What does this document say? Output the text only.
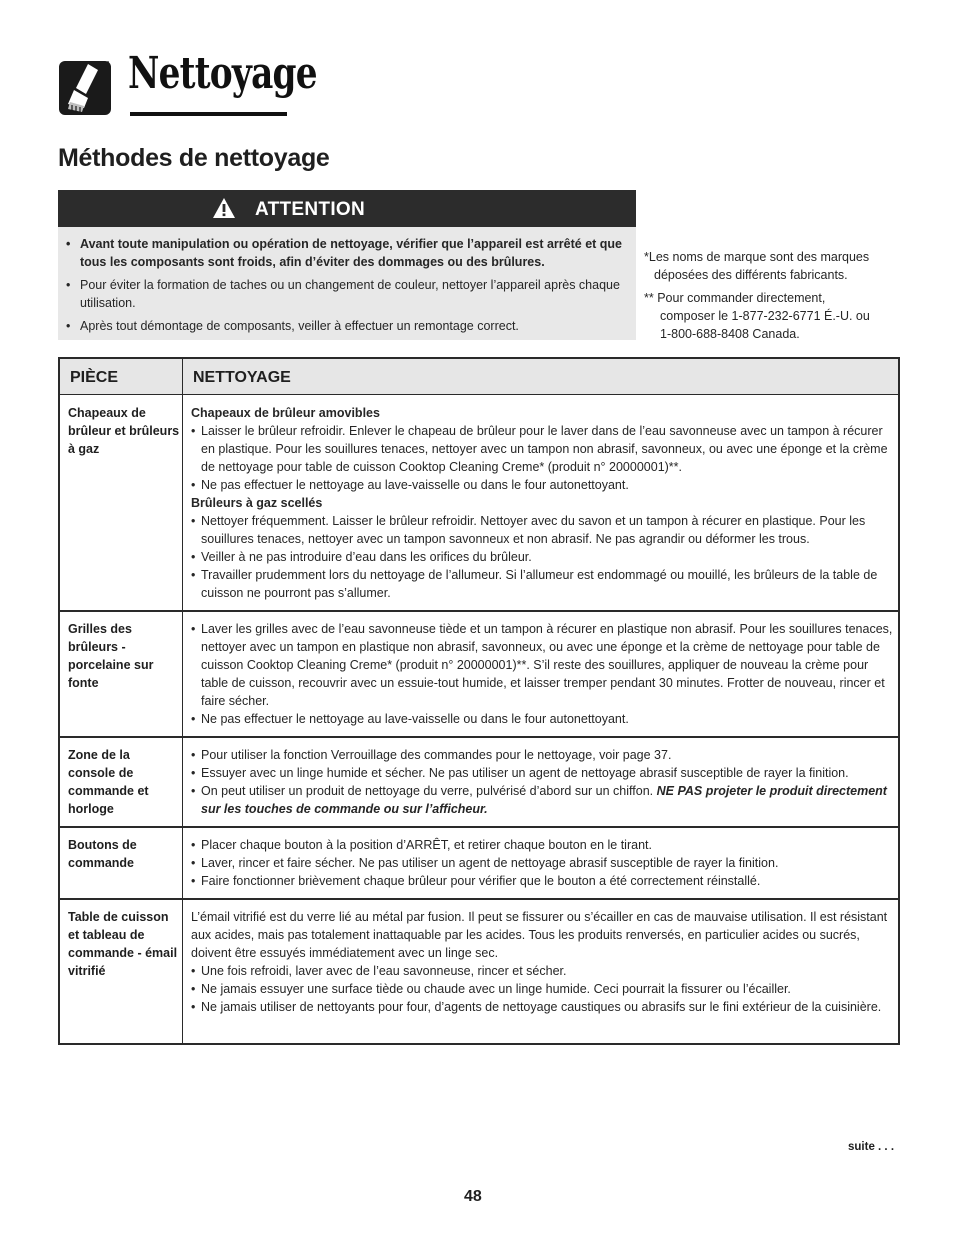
Nettoyage
Méthodes de nettoyage
ATTENTION
• Avant toute manipulation ou opération de nettoyage, vérifier que l’appareil est arrêté et que tous les composants sont froids, afin d’éviter des dommages ou des brûlures.
• Pour éviter la formation de taches ou un changement de couleur, nettoyer l’appareil après chaque utilisation.
• Après tout démontage de composants, veiller à effectuer un remontage correct.
*Les noms de marque sont des marques
déposées des différents fabricants.
** Pour commander directement,
composer le 1-877-232-6771 É.-U. ou
1-800-688-8408 Canada.
PIÈCE	NETTOYAGE
Chapeaux de brûleur et brûleurs à gaz
Chapeaux de brûleur amovibles
• Laisser le brûleur refroidir. Enlever le chapeau de brûleur pour le laver dans de l’eau savonneuse avec un tampon à récurer en plastique. Pour les souillures tenaces, nettoyer avec un tampon non abrasif, savonneux, ou avec une éponge et la crème de nettoyage pour table de cuisson Cooktop Cleaning Creme* (produit n° 20000001)**.
• Ne pas effectuer le nettoyage au lave-vaisselle ou dans le four autonettoyant.
Brûleurs à gaz scellés
• Nettoyer fréquemment. Laisser le brûleur refroidir. Nettoyer avec du savon et un tampon à récurer en plastique. Pour les souillures tenaces, nettoyer avec un tampon savonneux et non abrasif. Ne pas agrandir ou déformer les trous.
• Veiller à ne pas introduire d’eau dans les orifices du brûleur.
• Travailler prudemment lors du nettoyage de l’allumeur. Si l’allumeur est endommagé ou mouillé, les brûleurs de la table de cuisson ne pourront pas s’allumer.
Grilles des brûleurs - porcelaine sur fonte
• Laver les grilles avec de l’eau savonneuse tiède et un tampon à récurer en plastique non abrasif. Pour les souillures tenaces, nettoyer avec un tampon en plastique non abrasif, savonneux, ou avec une éponge et la crème de nettoyage pour table de cuisson Cooktop Cleaning Creme* (produit n° 20000001)**. S’il reste des souillures, appliquer de nouveau la crème pour table de cuisson, recouvrir avec un essuie-tout humide, et laisser tremper pendant 30 minutes. Frotter de nouveau, rincer et faire sécher.
• Ne pas effectuer le nettoyage au lave-vaisselle ou dans le four autonettoyant.
Zone de la console de commande et horloge
• Pour utiliser la fonction Verrouillage des commandes pour le nettoyage, voir page 37.
• Essuyer avec un linge humide et sécher. Ne pas utiliser un agent de nettoyage abrasif susceptible de rayer la finition.
• On peut utiliser un produit de nettoyage du verre, pulvérisé d’abord sur un chiffon. NE PAS projeter le produit directement sur les touches de commande ou sur l’afficheur.
Boutons de commande
• Placer chaque bouton à la position d’ARRÊT, et retirer chaque bouton en le tirant.
• Laver, rincer et faire sécher. Ne pas utiliser un agent de nettoyage abrasif susceptible de rayer la finition.
• Faire fonctionner brièvement chaque brûleur pour vérifier que le bouton a été correctement réinstallé.
Table de cuisson et tableau de commande - émail vitrifié
L’émail vitrifié est du verre lié au métal par fusion. Il peut se fissurer ou s’écailler en cas de mauvaise utilisation. Il est résistant aux acides, mais pas totalement inattaquable par les acides. Tous les produits renversés, en particulier acides ou sucrés, doivent être essuyés immédiatement avec un linge sec.
• Une fois refroidi, laver avec de l’eau savonneuse, rincer et sécher.
• Ne jamais essuyer une surface tiède ou chaude avec un linge humide. Ceci pourrait la fissurer ou l’écailler.
• Ne jamais utiliser de nettoyants pour four, d’agents de nettoyage caustiques ou abrasifs sur le fini extérieur de la cuisinière.
suite . . .
48
